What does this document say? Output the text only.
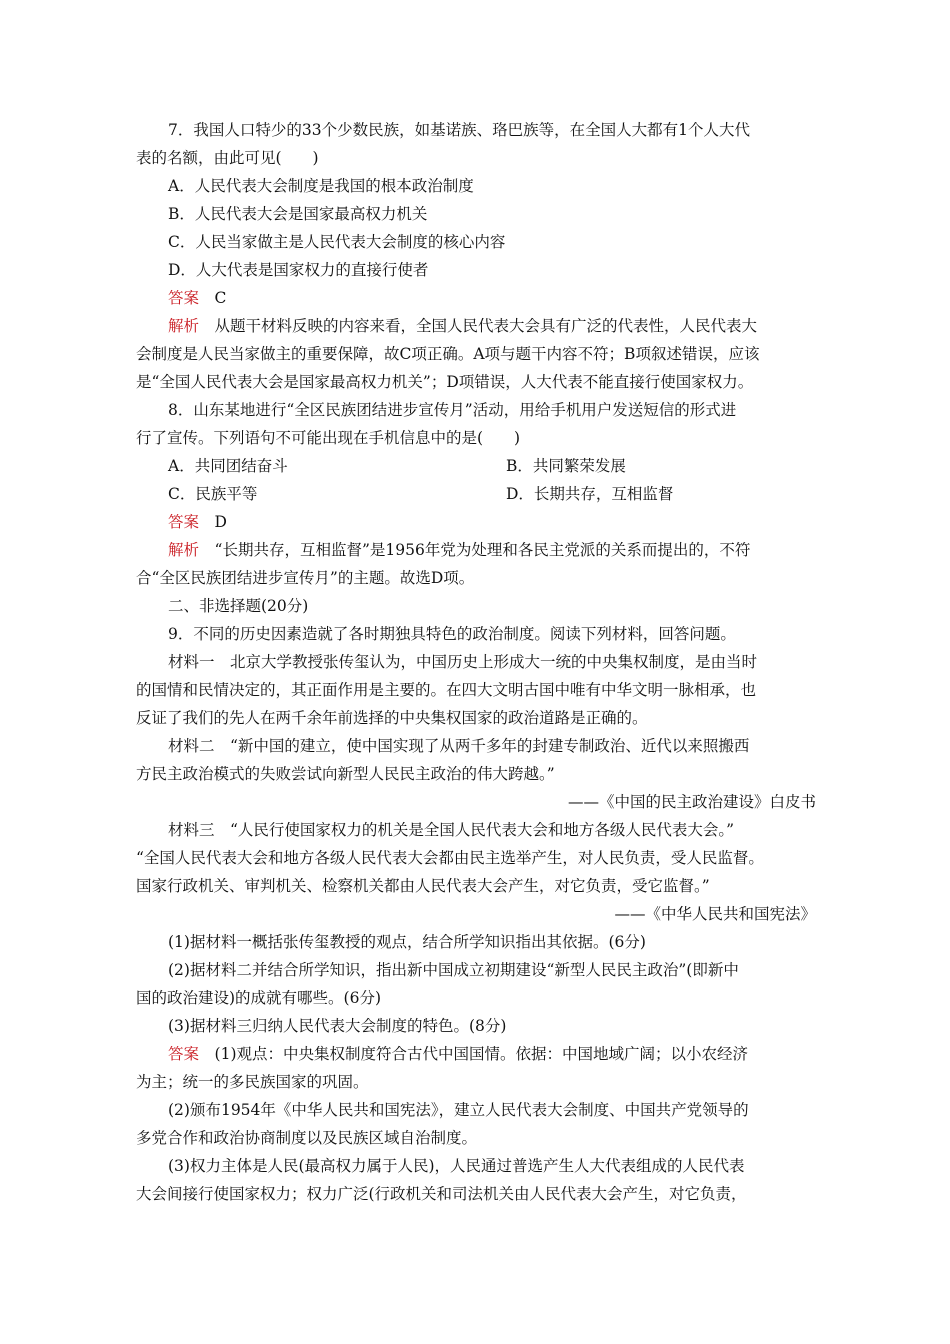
7．我国人口特少的33个少数民族，如基诺族、珞巴族等，在全国人大都有1个人大代

表的名额，由此可见(　　)

A．人民代表大会制度是我国的根本政治制度

B．人民代表大会是国家最高权力机关

C．人民当家做主是人民代表大会制度的核心内容

D．人大代表是国家权力的直接行使者

答案　 C

解析　 从题干材料反映的内容来看，全国人民代表大会具有广泛的代表性，人民代表大

会制度是人民当家做主的重要保障，故C项正确。A项与题干内容不符；B项叙述错误，应该

是“全国人民代表大会是国家最高权力机关”；D项错误，人大代表不能直接行使国家权力。

8．山东某地进行“全区民族团结进步宣传月”活动，用给手机用户发送短信的形式进

行了宣传。下列语句不可能出现在手机信息中的是(　　)

A．共同团结奋斗	B．共同繁荣发展
C．民族平等	D．长期共存，互相监督

答案　 D

解析　 “长期共存，互相监督”是1956年党为处理和各民主党派的关系而提出的，不符

合“全区民族团结进步宣传月”的主题。故选D项。

二、非选择题(20分)

9．不同的历史因素造就了各时期独具特色的政治制度。阅读下列材料，回答问题。

材料一　北京大学教授张传玺认为，中国历史上形成大一统的中央集权制度，是由当时

的国情和民情决定的，其正面作用是主要的。在四大文明古国中唯有中华文明一脉相承，也

反证了我们的先人在两千余年前选择的中央集权国家的政治道路是正确的。

材料二　“新中国的建立，使中国实现了从两千多年的封建专制政治、近代以来照搬西

方民主政治模式的失败尝试向新型人民民主政治的伟大跨越。”

——《中国的民主政治建设》白皮书

材料三　“人民行使国家权力的机关是全国人民代表大会和地方各级人民代表大会。”

“全国人民代表大会和地方各级人民代表大会都由民主选举产生，对人民负责，受人民监督。

国家行政机关、审判机关、检察机关都由人民代表大会产生，对它负责，受它监督。”

——《中华人民共和国宪法》

(1)据材料一概括张传玺教授的观点，结合所学知识指出其依据。(6分)

(2)据材料二并结合所学知识，指出新中国成立初期建设“新型人民民主政治”(即新中

国的政治建设)的成就有哪些。(6分)

(3)据材料三归纳人民代表大会制度的特色。(8分)

答案　 (1)观点：中央集权制度符合古代中国国情。依据：中国地域广阔；以小农经济

为主；统一的多民族国家的巩固。

(2)颁布1954年《中华人民共和国宪法》，建立人民代表大会制度、中国共产党领导的

多党合作和政治协商制度以及民族区域自治制度。

(3)权力主体是人民(最高权力属于人民)，人民通过普选产生人大代表组成的人民代表

大会间接行使国家权力；权力广泛(行政机关和司法机关由人民代表大会产生，对它负责，
